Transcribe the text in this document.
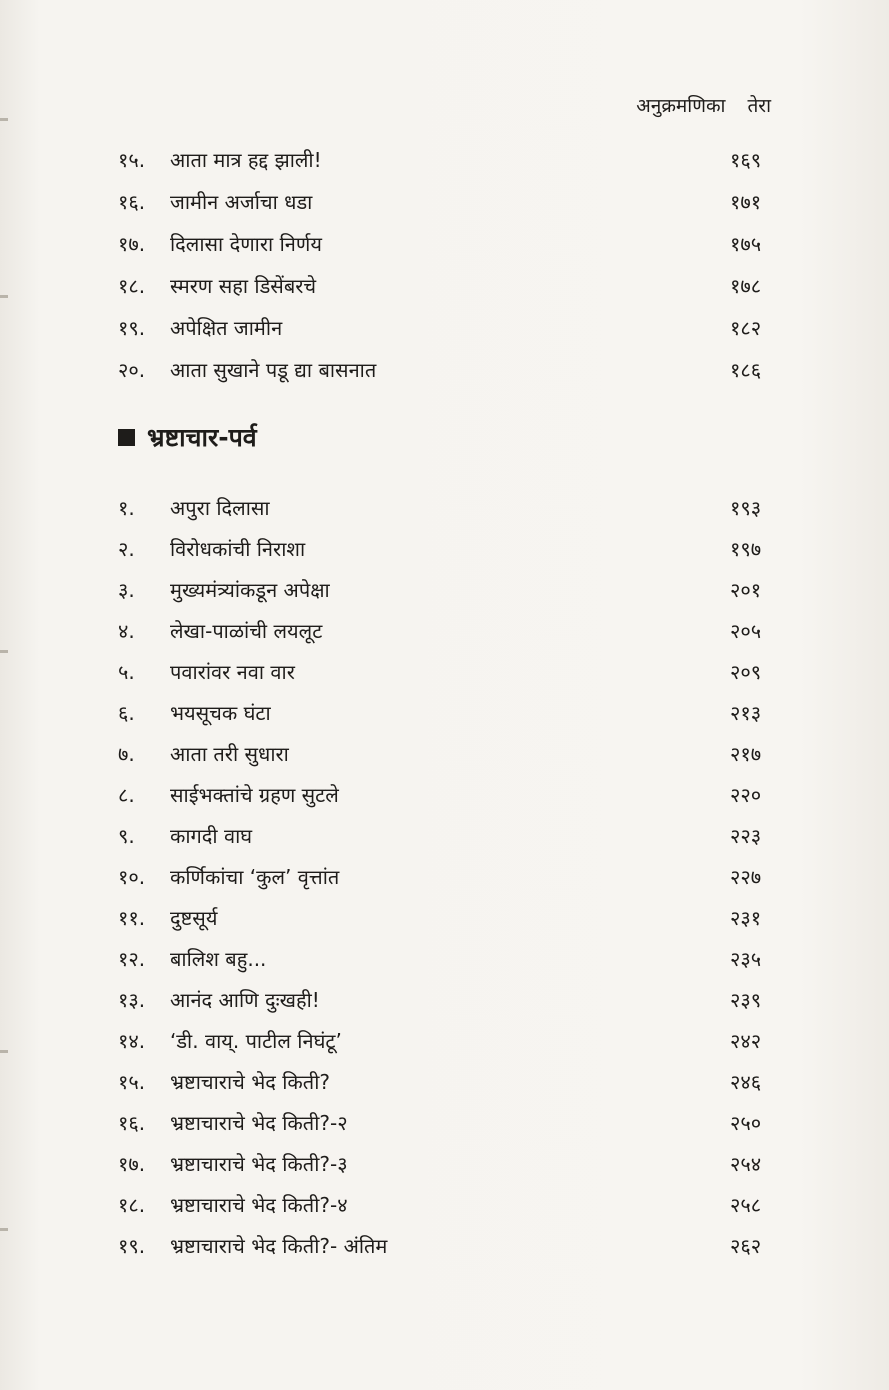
अनुक्रमणिका तेरा
१५.	आता मात्र हद्द झाली!	१६९
१६.	जामीन अर्जाचा धडा	१७१
१७.	दिलासा देणारा निर्णय	१७५
१८.	स्मरण सहा डिसेंबरचे	१७८
१९.	अपेक्षित जामीन	१८२
२०.	आता सुखाने पडू द्या बासनात	१८६
भ्रष्टाचार-पर्व
१.	अपुरा दिलासा	१९३
२.	विरोधकांची निराशा	१९७
३.	मुख्यमंत्र्यांकडून अपेक्षा	२०१
४.	लेखा-पाळांची लयलूट	२०५
५.	पवारांवर नवा वार	२०९
६.	भयसूचक घंटा	२१३
७.	आता तरी सुधारा	२१७
८.	साईभक्तांचे ग्रहण सुटले	२२०
९.	कागदी वाघ	२२३
१०.	कर्णिकांचा ‘कुल’ वृत्तांत	२२७
११.	दुष्टसूर्य	२३१
१२.	बालिश बहु...	२३५
१३.	आनंद आणि दुःखही!	२३९
१४.	‘डी. वाय्. पाटील निघंटू’	२४२
१५.	भ्रष्टाचाराचे भेद किती?	२४६
१६.	भ्रष्टाचाराचे भेद किती?-२	२५०
१७.	भ्रष्टाचाराचे भेद किती?-३	२५४
१८.	भ्रष्टाचाराचे भेद किती?-४	२५८
१९.	भ्रष्टाचाराचे भेद किती?- अंतिम	२६२
